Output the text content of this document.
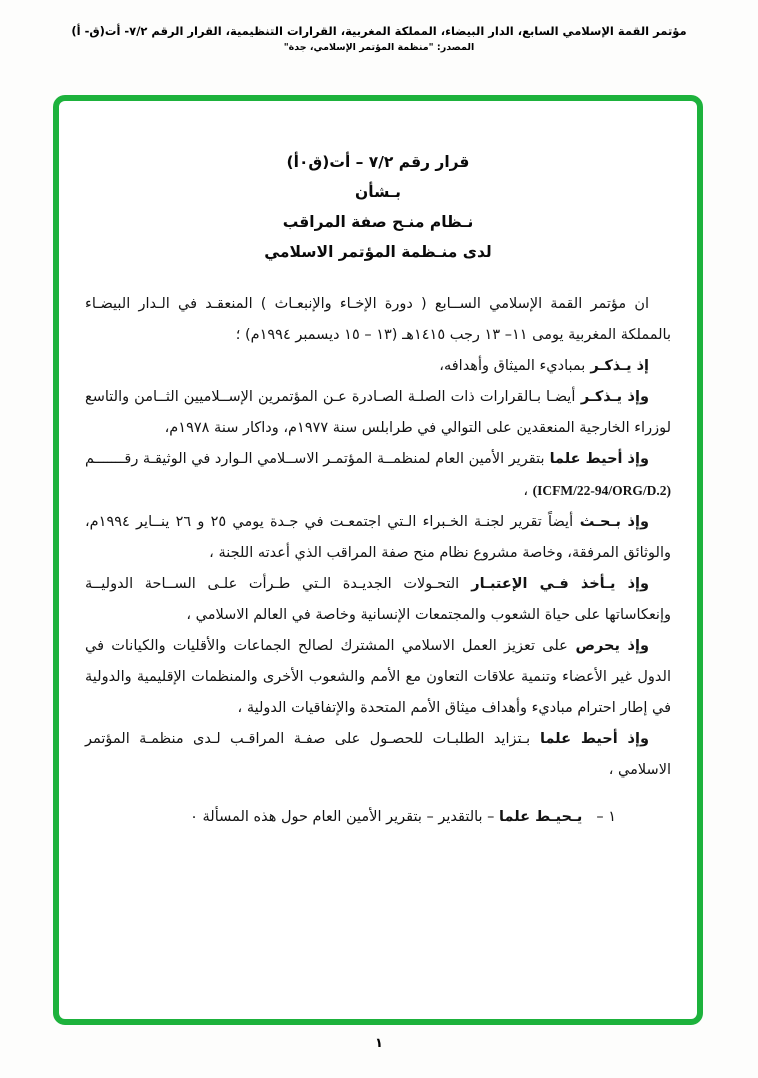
مؤتمر القمة الإسلامي السابع، الدار البيضاء، المملكة المغربية، القرارات التنظيمية، القرار الرقم ٧/٢- أت(ق- أ)
المصدر: "منظمة المؤتمر الإسلامي، جدة"
قرار رقم ٧/٢ – أت(ق٠أ)
بـشأن
نـظام منـح صفة المراقب
لدى منـظمة المؤتمر الاسلامي

ان مؤتمر القمة الإسلامي الســابع ( دورة الإخـاء والإنبعـاث ) المنعقـد في الـدار البيضـاء بالمملكة المغربية يومى ١١– ١٣ رجب ١٤١٥هـ (١٣ – ١٥ ديسمبر ١٩٩٤م) ؛

إذ يـذكـر بمباديء الميثاق وأهدافه،

وإذ يـذكـر أيضـا بـالقرارات ذات الصلـة الصـادرة عـن المؤتمرين الإســلاميين الثــامن والتاسع لوزراء الخارجية المنعقدين على التوالي في طرابلس سنة ١٩٧٧م، وداكار سنة ١٩٧٨م،

وإذ أحيط علما بتقرير الأمين العام لمنظمــة المؤتمـر الاســلامي الـوارد في الوثيقـة رقـــــــم (ICFM/22-94/ORG/D.2) ،

وإذ بـحـث أيضاً تقرير لجنـة الخـبراء الـتي اجتمعـت في جـدة يومي ٢٥ و ٢٦ ينــاير ١٩٩٤م، والوثائق المرفقة، وخاصة مشروع نظام منح صفة المراقب الذي أعدته اللجنة ،

وإذ يـأخذ فـي الإعتبـار التحـولات الجديـدة الـتي طـرأت علـى الســاحة الدوليــة وإنعكاساتها على حياة الشعوب والمجتمعات الإنسانية وخاصة في العالم الاسلامي ،

وإذ يحرص على تعزيز العمل الاسلامي المشترك لصالح الجماعات والأقليات والكيانات في الدول غير الأعضاء وتنمية علاقات التعاون مع الأمم والشعوب الأخرى والمنظمات الإقليمية والدولية في إطار احترام مباديء وأهداف ميثاق الأمم المتحدة والإتفاقيات الدولية ،

وإذ أحيط علما بـتزايد الطلبـات للحصـول على صفـة المراقـب لـدى منظمـة المؤتمر الاسلامي ،

١ –يـحيـط علما – بالتقدير – بتقرير الأمين العام حول هذه المسألة ٠

١
